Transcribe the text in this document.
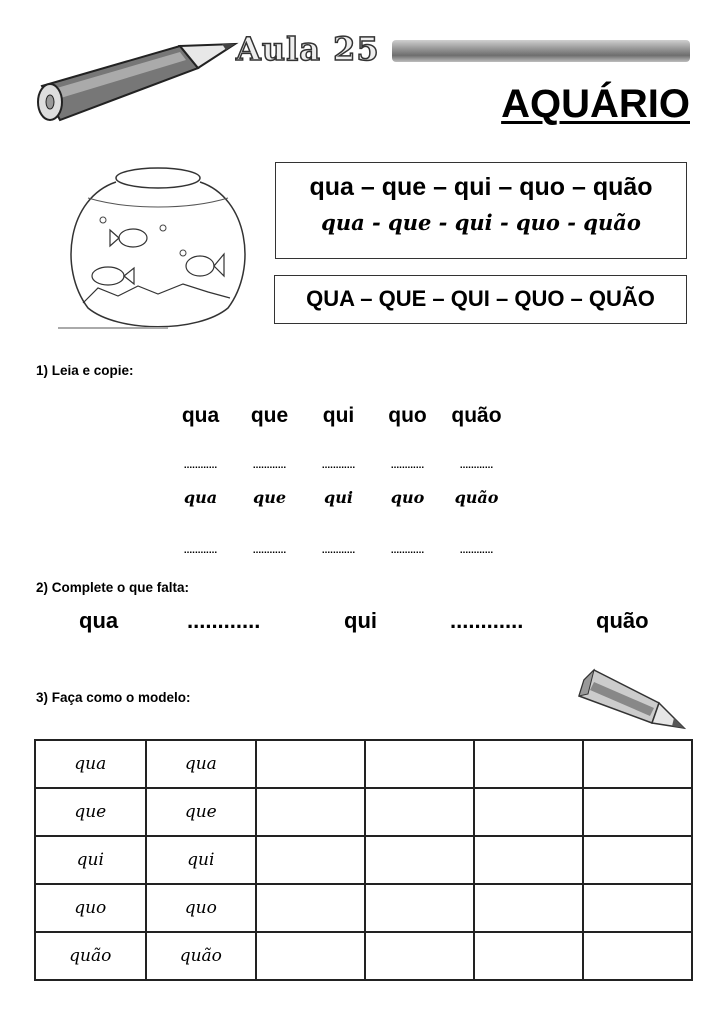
Aula 25
AQUÁRIO
qua – que – qui – quo – quão
qua ‑ que ‑ qui ‑ quo ‑ quão
QUA – QUE – QUI – QUO – QUÃO
1) Leia e copie:
qua	que	qui	quo	quão
............	............	............	............	............
qua	que	qui	quo	quão
............	............	............	............	............
2) Complete o que falta:
qua	............	qui	............	quão
3) Faça como o modelo:
qua	qua				
que	que				
qui	qui				
quo	quo				
quão	quão				
